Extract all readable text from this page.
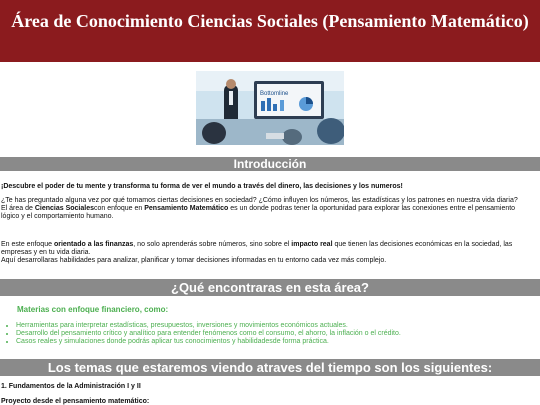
Área de Conocimiento Ciencias Sociales (Pensamiento Matemático)
Bottomline
Introducción
¡Descubre el poder de tu mente y transforma tu forma de ver el mundo a través del dinero, las decisiones y los numeros!
¿Te has preguntado alguna vez por qué tomamos ciertas decisiones en sociedad? ¿Cómo influyen los números, las estadísticas y los patrones en nuestra vida diaria?
El área de Ciencias Socialescon enfoque en Pensamiento Matemático es un donde podras tener la oportunidad para explorar las conexiones entre el pensamiento lógico y el comportamiento humano.
En este enfoque orientado a las finanzas, no solo aprenderás sobre números, sino sobre el impacto real que tienen las decisiones económicas en la sociedad, las empresas y en tu vida diaria.
Aquí desarrollaras habilidades para analizar, planificar y tomar decisiones informadas en tu entorno cada vez más complejo.
¿Qué encontraras en esta área?
Materias con enfoque financiero, como:
• Herramientas para interpretar estadísticas, presupuestos, inversiones y movimientos económicos actuales.
• Desarrollo del pensamiento crítico y analítico para entender fenómenos como el consumo, el ahorro, la inflación o el crédito.
• Casos reales y simulaciones donde podrás aplicar tus conocimientos y habilidadesde forma práctica.
Los temas que estaremos viendo atraves del tiempo son los siguientes:
1. Fundamentos de la Administración I y II
Proyecto desde el pensamiento matemático:
